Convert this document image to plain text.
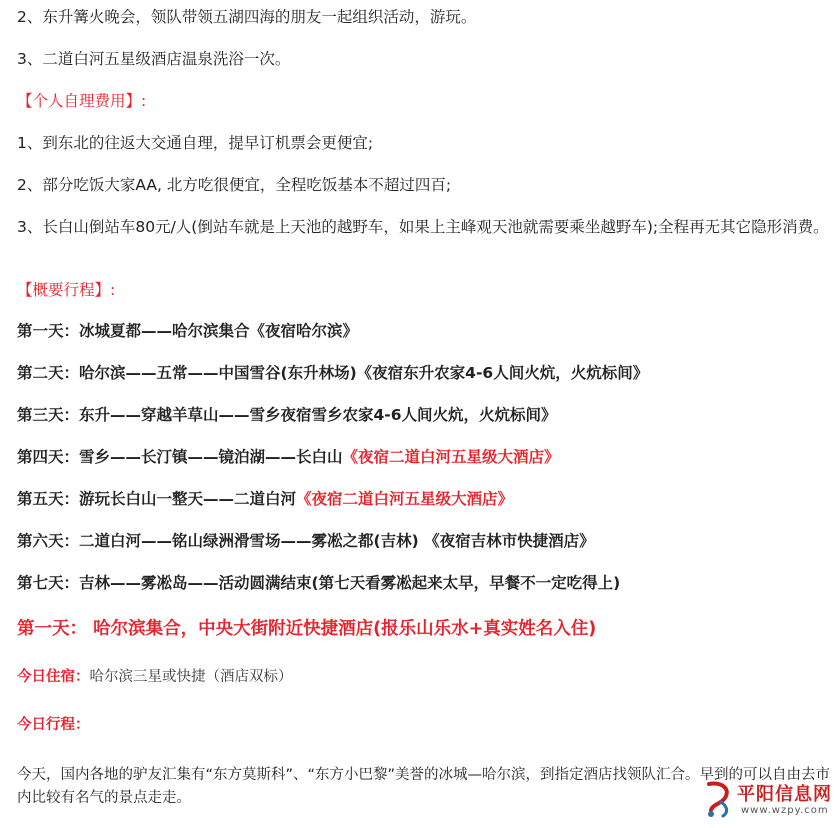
2、东升篝火晚会，领队带领五湖四海的朋友一起组织活动，游玩。
3、二道白河五星级酒店温泉洗浴一次。
【个人自理费用】:
1、到东北的往返大交通自理，提早订机票会更便宜;
2、部分吃饭大家AA, 北方吃很便宜，全程吃饭基本不超过四百;
3、长白山倒站车80元/人(倒站车就是上天池的越野车，如果上主峰观天池就需要乘坐越野车);全程再无其它隐形消费。
【概要行程】:
第一天：冰城夏都——哈尔滨集合《夜宿哈尔滨》
第二天：哈尔滨——五常——中国雪谷(东升林场)《夜宿东升农家4-6人间火炕，火炕标间》
第三天：东升——穿越羊草山——雪乡夜宿雪乡农家4-6人间火炕，火炕标间》
第四天：雪乡——长汀镇——镜泊湖——长白山《夜宿二道白河五星级大酒店》
第五天：游玩长白山一整天——二道白河《夜宿二道白河五星级大酒店》
第六天：二道白河——铭山绿洲滑雪场——雾凇之都(吉林) 《夜宿吉林市快捷酒店》
第七天：吉林——雾凇岛——活动圆满结束(第七天看雾凇起来太早，早餐不一定吃得上)
第一天： 哈尔滨集合，中央大街附近快捷酒店(报乐山乐水+真实姓名入住)
今日住宿：哈尔滨三星或快捷（酒店双标）
今日行程：
今天，国内各地的驴友汇集有“东方莫斯科”、“东方小巴黎”美誉的冰城—哈尔滨，到指定酒店找领队汇合。早到的可以自由去市内比较有名气的景点走走。	平阳信息网
www.wzpy.com
